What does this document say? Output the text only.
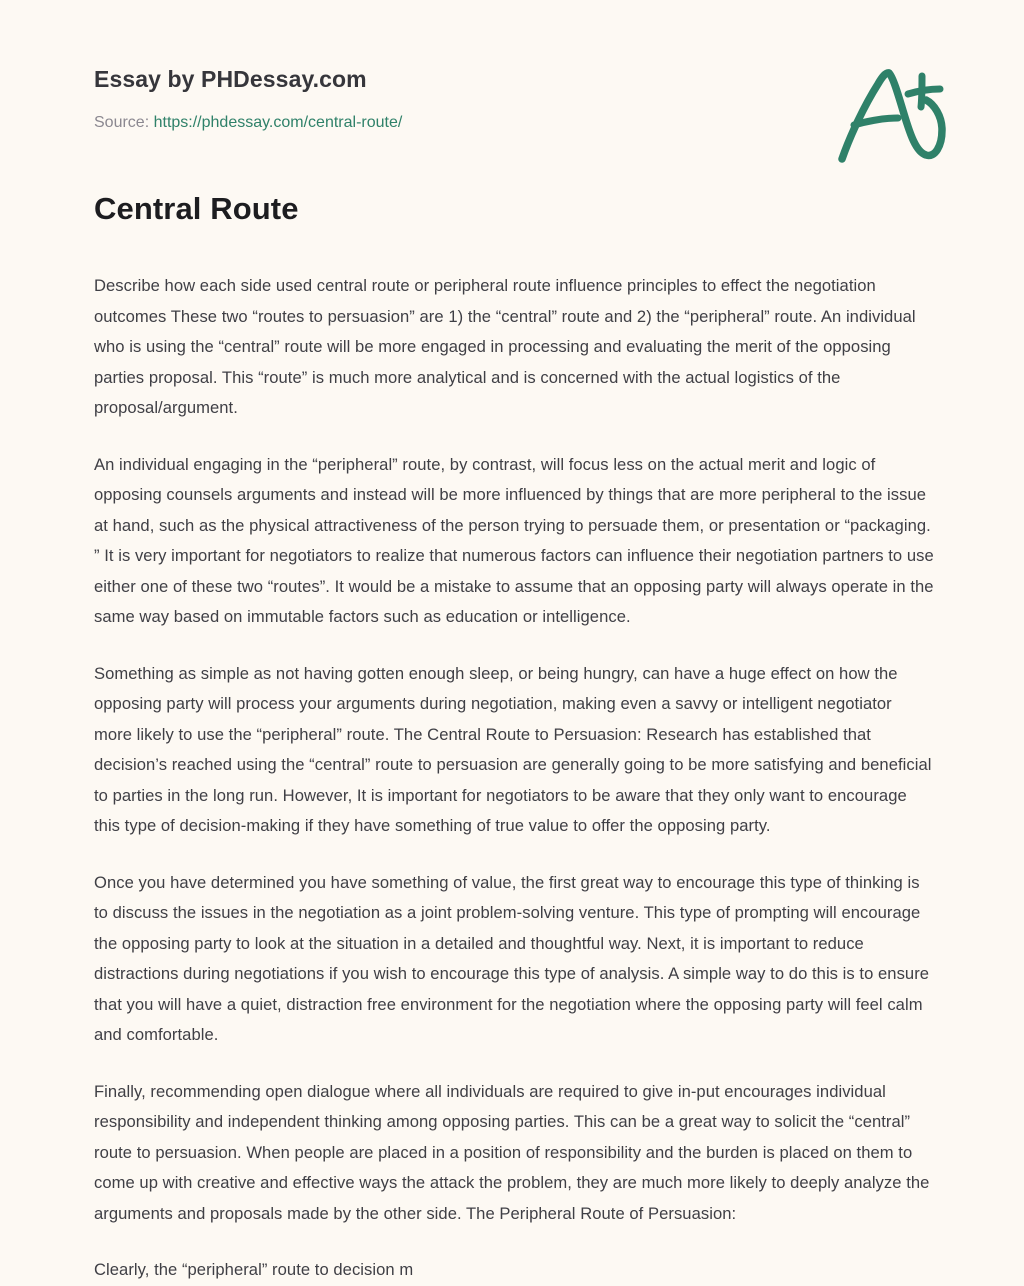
Essay by PHDessay.com
Source: https://phdessay.com/central-route/
Central Route

Describe how each side used central route or peripheral route influence principles to effect the negotiation outcomes These two “routes to persuasion” are 1) the “central” route and 2) the “peripheral” route. An individual who is using the “central” route will be more engaged in processing and evaluating the merit of the opposing parties proposal. This “route” is much more analytical and is concerned with the actual logistics of the proposal/argument.

An individual engaging in the “peripheral” route, by contrast, will focus less on the actual merit and logic of opposing counsels arguments and instead will be more influenced by things that are more peripheral to the issue at hand, such as the physical attractiveness of the person trying to persuade them, or presentation or “packaging. ” It is very important for negotiators to realize that numerous factors can influence their negotiation partners to use either one of these two “routes”. It would be a mistake to assume that an opposing party will always operate in the same way based on immutable factors such as education or intelligence.

Something as simple as not having gotten enough sleep, or being hungry, can have a huge effect on how the opposing party will process your arguments during negotiation, making even a savvy or intelligent negotiator more likely to use the “peripheral” route. The Central Route to Persuasion: Research has established that decision’s reached using the “central” route to persuasion are generally going to be more satisfying and beneficial to parties in the long run. However, It is important for negotiators to be aware that they only want to encourage this type of decision-making if they have something of true value to offer the opposing party.

Once you have determined you have something of value, the first great way to encourage this type of thinking is to discuss the issues in the negotiation as a joint problem-solving venture. This type of prompting will encourage the opposing party to look at the situation in a detailed and thoughtful way. Next, it is important to reduce distractions during negotiations if you wish to encourage this type of analysis. A simple way to do this is to ensure that you will have a quiet, distraction free environment for the negotiation where the opposing party will feel calm and comfortable.

Finally, recommending open dialogue where all individuals are required to give in-put encourages individual responsibility and independent thinking among opposing parties. This can be a great way to solicit the “central” route to persuasion. When people are placed in a position of responsibility and the burden is placed on them to come up with creative and effective ways the attack the problem, they are much more likely to deeply analyze the arguments and proposals made by the other side. The Peripheral Route of Persuasion:

Clearly, the “peripheral” route to decision m
